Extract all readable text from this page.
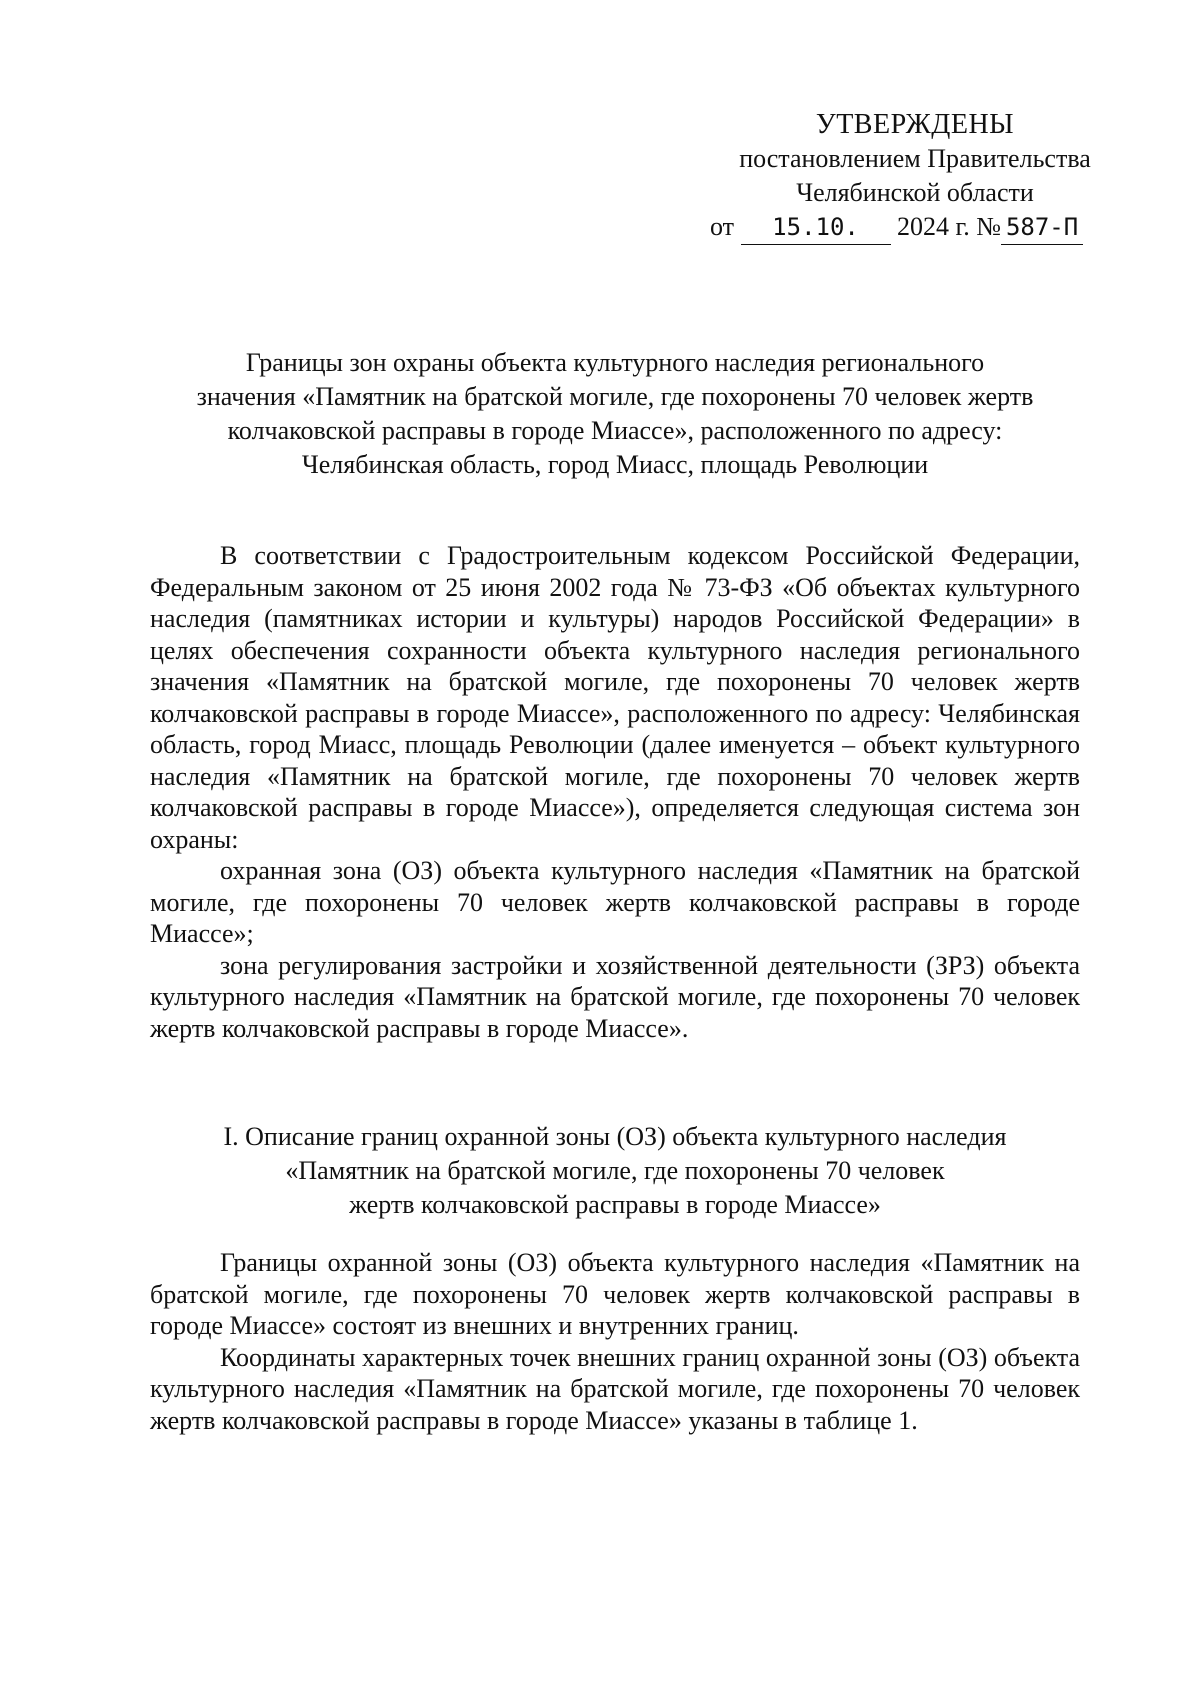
УТВЕРЖДЕНЫ
постановлением Правительства
Челябинской области
от 15.10. 2024 г. № 587-П
Границы зон охраны объекта культурного наследия регионального
значения «Памятник на братской могиле, где похоронены 70 человек жертв
колчаковской расправы в городе Миассе», расположенного по адресу:
Челябинская область, город Миасс, площадь Революции

В соответствии с Градостроительным кодексом Российской Федерации, Федеральным законом от 25 июня 2002 года № 73-ФЗ «Об объектах культурного наследия (памятниках истории и культуры) народов Российской Федерации» в целях обеспечения сохранности объекта культурного наследия регионального значения «Памятник на братской могиле, где похоронены 70 человек жертв колчаковской расправы в городе Миассе», расположенного по адресу: Челябинская область, город Миасс, площадь Революции (далее именуется – объект культурного наследия «Памятник на братской могиле, где похоронены 70 человек жертв колчаковской расправы в городе Миассе»), определяется следующая система зон охраны:

охранная зона (ОЗ) объекта культурного наследия «Памятник на братской могиле, где похоронены 70 человек жертв колчаковской расправы в городе Миассе»;

зона регулирования застройки и хозяйственной деятельности (ЗРЗ) объекта культурного наследия «Памятник на братской могиле, где похоронены 70 человек жертв колчаковской расправы в городе Миассе».

I. Описание границ охранной зоны (ОЗ) объекта культурного наследия
«Памятник на братской могиле, где похоронены 70 человек
жертв колчаковской расправы в городе Миассе»

Границы охранной зоны (ОЗ) объекта культурного наследия «Памятник на братской могиле, где похоронены 70 человек жертв колчаковской расправы в городе Миассе» состоят из внешних и внутренних границ.

Координаты характерных точек внешних границ охранной зоны (ОЗ) объекта культурного наследия «Памятник на братской могиле, где похоронены 70 человек жертв колчаковской расправы в городе Миассе» указаны в таблице 1.
